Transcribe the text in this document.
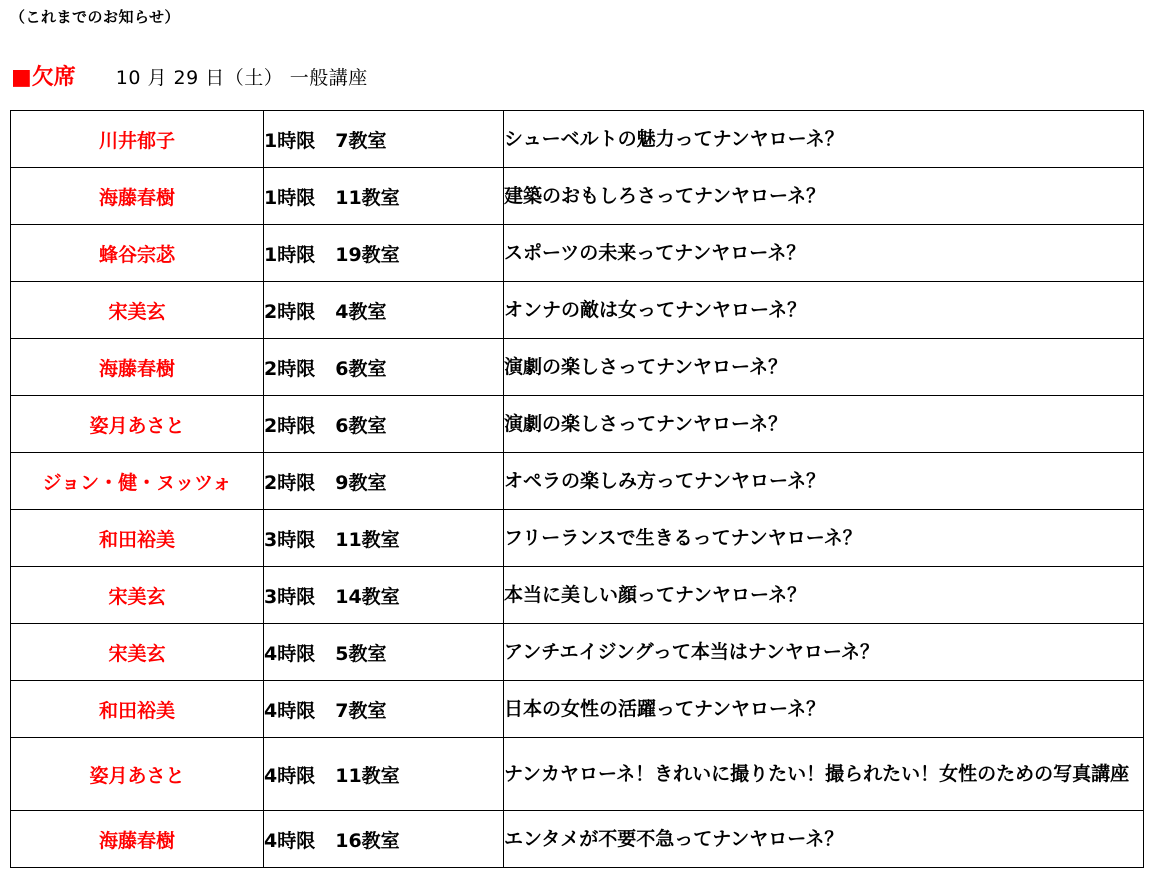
（これまでのお知らせ）
■欠席 10 月 29 日（土） 一般講座
川井郁子	1時限 7教室	シューベルトの魅力ってナンヤローネ？
海藤春樹	1時限 11教室	建築のおもしろさってナンヤローネ？
蜂谷宗苾	1時限 19教室	スポーツの未来ってナンヤローネ？
宋美玄	2時限 4教室	オンナの敵は女ってナンヤローネ？
海藤春樹	2時限 6教室	演劇の楽しさってナンヤローネ？
姿月あさと	2時限 6教室	演劇の楽しさってナンヤローネ？
ジョン・健・ヌッツォ	2時限 9教室	オペラの楽しみ方ってナンヤローネ？
和田裕美	3時限 11教室	フリーランスで生きるってナンヤローネ？
宋美玄	3時限 14教室	本当に美しい顔ってナンヤローネ？
宋美玄	4時限 5教室	アンチエイジングって本当はナンヤローネ？
和田裕美	4時限 7教室	日本の女性の活躍ってナンヤローネ？
姿月あさと	4時限 11教室	ナンカヤローネ！きれいに撮りたい！撮られたい！女性のための写真講座
海藤春樹	4時限 16教室	エンタメが不要不急ってナンヤローネ？
